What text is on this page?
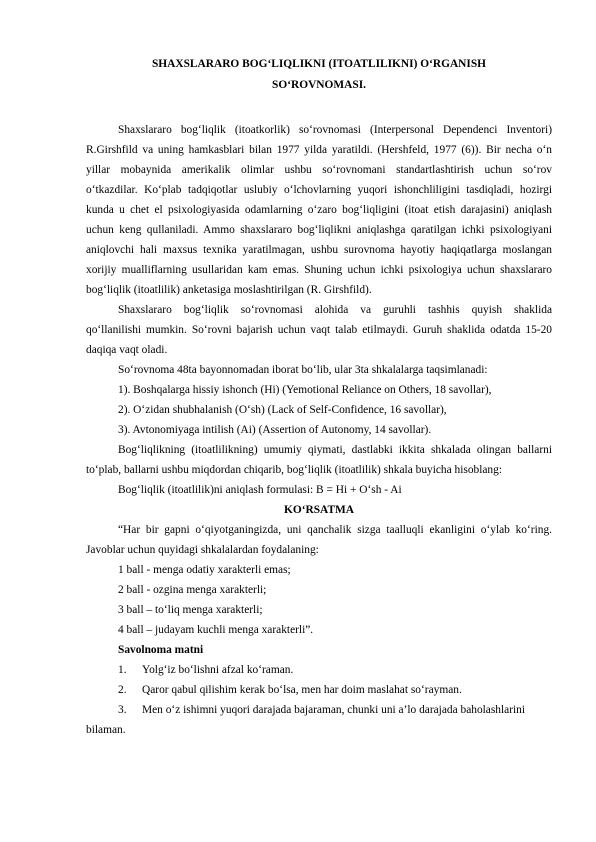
SHAXSLARARO BOG‘LIQLIKNI (ITOATLILIKNI) O‘RGANISH
SO‘ROVNOMASI.
Shaxslararo bog‘liqlik (itoatkorlik) so‘rovnomasi (Interpersonal Dependenci Inventori)
R.Girshfild va uning hamkasblari bilan 1977 yilda yaratildi. (Hershfeld, 1977 (6)). Bir necha o‘n
yillar mobaynida amerikalik olimlar ushbu so‘rovnomani standartlashtirish uchun so‘rov
o‘tkazdilar. Ko‘plab tadqiqotlar uslubiy o‘lchovlarning yuqori ishonchliligini tasdiqladi, hozirgi
kunda u chet el psixologiyasida odamlarning o‘zaro bog‘liqligini (itoat etish darajasini) aniqlash
uchun keng qullaniladi. Ammo shaxslararo bog‘liqlikni aniqlashga qaratilgan ichki psixologiyani
aniqlovchi hali maxsus texnika yaratilmagan, ushbu surovnoma hayotiy haqiqatlarga moslangan
xorijiy mualliflarning usullaridan kam emas. Shuning uchun ichki psixologiya uchun shaxslararo
bog‘liqlik (itoatlilik) anketasiga moslashtirilgan (R. Girshfild).
Shaxslararo bog‘liqlik so‘rovnomasi alohida va guruhli tashhis quyish shaklida
qo‘llanilishi mumkin. So‘rovni bajarish uchun vaqt talab etilmaydi. Guruh shaklida odatda 15-20
daqiqa vaqt oladi.
So‘rovnoma 48ta bayonnomadan iborat bo‘lib, ular 3ta shkalalarga taqsimlanadi:
1). Boshqalarga hissiy ishonch (Hi) (Yemotional Reliance on Others, 18 savollar),
2). O‘zidan shubhalanish (O‘sh) (Lack of Self-Confidence, 16 savollar),
3). Avtonomiyaga intilish (Ai) (Assertion of Autonomy, 14 savollar).
Bog‘liqlikning (itoatlilikning) umumiy qiymati, dastlabki ikkita shkalada olingan ballarni
to‘plab, ballarni ushbu miqdordan chiqarib, bog‘liqlik (itoatlilik) shkala buyicha hisoblang:
Bog‘liqlik (itoatlilik)ni aniqlash formulasi: B = Hi + O‘sh - Ai
KO‘RSATMA
“Har bir gapni o‘qiyotganingizda, uni qanchalik sizga taalluqli ekanligini o‘ylab ko‘ring.
Javoblar uchun quyidagi shkalalardan foydalaning:
1 ball - menga odatiy xarakterli emas;
2 ball - ozgina menga xarakterli;
3 ball – to‘liq menga xarakterli;
4 ball – judayam kuchli menga xarakterli”.
Savolnoma matni
1. Yolg‘iz bo‘lishni afzal ko‘raman.
2. Qaror qabul qilishim kerak bo‘lsa, men har doim maslahat so‘rayman.
3. Men o‘z ishimni yuqori darajada bajaraman, chunki uni a’lo darajada baholashlarini
bilaman.
